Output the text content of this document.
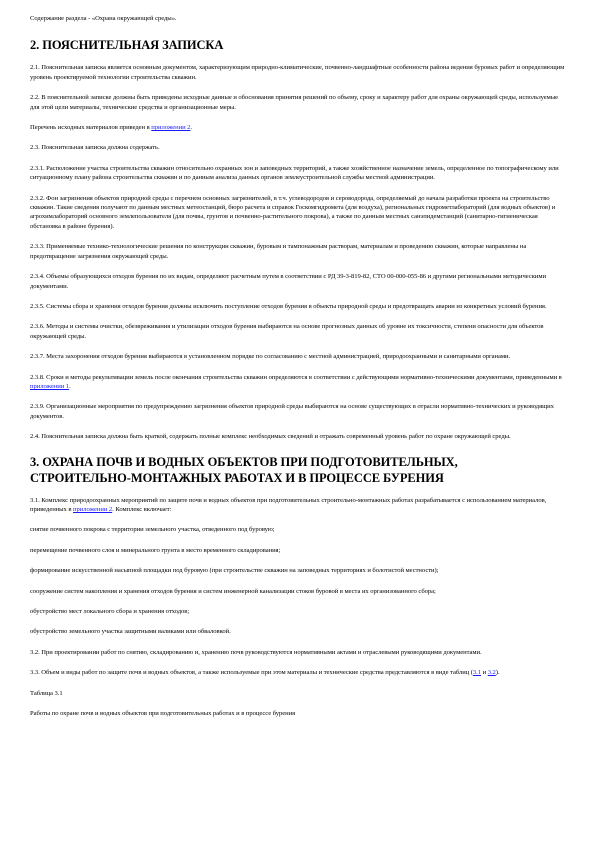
Содержание раздела - «Охрана окружающей среды».

2. ПОЯСНИТЕЛЬНАЯ ЗАПИСКА

2.1. Пояснительная записка является основным документом, характеризующим природно-климатические, почвенно-ландшафтные особенности района ведения буровых работ и определяющим уровень проектируемой технологии строительства скважин.

2.2. В пояснительной записке должны быть приведены исходные данные и обоснования принятия решений по объему, сроку и характеру работ для охраны окружающей среды, используемые для этой цели материалы, технические средства и организационные меры.

Перечень исходных материалов приведен в приложении 2.

2.3. Пояснительная записка должна содержать.

2.3.1. Расположение участка строительства скважин относительно охранных зон и заповедных территорий, а также хозяйственное назначение земель, определенное по топографическому или ситуационному плану района строительства скважин и по данным анализа данных органов землеустроительной службы местной администрации.

2.3.2. Фон загрязнения объектов природной среды с перечнем основных загрязнителей, в т.ч. углеводородов и сероводорода, определяемый до начала разработки проекта на строительство скважин. Такие сведения получают по данным местных метеостанций, бюро расчета и справок Госкомгидромета (для воздуха), региональных гидрометлабораторий (для водных объектов) и агрохимлабораторий основного землепользователя (для почвы, грунтов и почвенно-растительного покрова), а также по данным местных санэпидемстанций (санитарно-гигиеническая обстановка в районе бурения).

2.3.3. Применяемые технико-технологические решения по конструкции скважин, буровым и тампонажным растворам, материалам и проведению скважин, которые направлены на предотвращение загрязнения окружающей среды.

2.3.4. Объемы образующихся отходов бурения по их видам, определяют расчетным путем в соответствии с РД 39-3-819-82, СТО 00-000-055-86 и другими региональными методическими документами.

2.3.5. Системы сбора и хранения отходов бурения должны исключить поступление отходов бурения в объекты природной среды и предотвращать аварии из конкретных условий бурения.

2.3.6. Методы и системы очистки, обезвреживания и утилизации отходов бурения выбираются на основе прогнозных данных об уровне их токсичности, степени опасности для объектов окружающей среды.

2.3.7. Места захоронения отходов бурения выбираются в установленном порядке по согласованию с местной администрацией, природоохранными и санитарными органами.

2.3.8. Сроки и методы рекультивации земель после окончания строительства скважин определяются в соответствии с действующими нормативно-техническими документами, приведенными в приложении 1.

2.3.9. Организационные мероприятия по предупреждению загрязнения объектов природной среды выбираются на основе существующих в отрасли нормативно-технических и руководящих документов.

2.4. Пояснительная записка должна быть краткой, содержать полные комплекс необходимых сведений и отражать современный уровень работ по охране окружающей среды.

3. ОХРАНА ПОЧВ И ВОДНЫХ ОБЪЕКТОВ ПРИ ПОДГОТОВИТЕЛЬНЫХ,
СТРОИТЕЛЬНО-МОНТАЖНЫХ РАБОТАХ И В ПРОЦЕССЕ БУРЕНИЯ

3.1. Комплекс природоохранных мероприятий по защите почв и водных объектов при подготовительных строительно-монтажных работах разрабатывается с использованием материалов, приведенных в приложении 2. Комплекс включает:

снятие почвенного покрова с территории земельного участка, отведенного под буровую;

перемещение почвенного слоя и минерального грунта в место временного складирования;

формирование искусственной насыпной площадки под буровую (при строительстве скважин на заповедных территориях и болотистой местности);

сооружение систем накопления и хранения отходов бурения и систем инженерной канализации стоков буровой в места их организованного сбора;

обустройство мест локального сбора и хранения отходов;

обустройство земельного участка защитными валиками или обваловкой.

3.2. При проектировании работ по снятию, складированию и, хранению почв руководствуются нормативными актами и отраслевыми руководящими документами.

3.3. Объем и виды работ по защите почв и водных объектов, а также используемые при этом материалы и технические средства представляются в виде таблиц (3.1 и 3.2).

Таблица 3.1

Работы по охране почв и водных объектов при подготовительных работах и в процессе бурения
